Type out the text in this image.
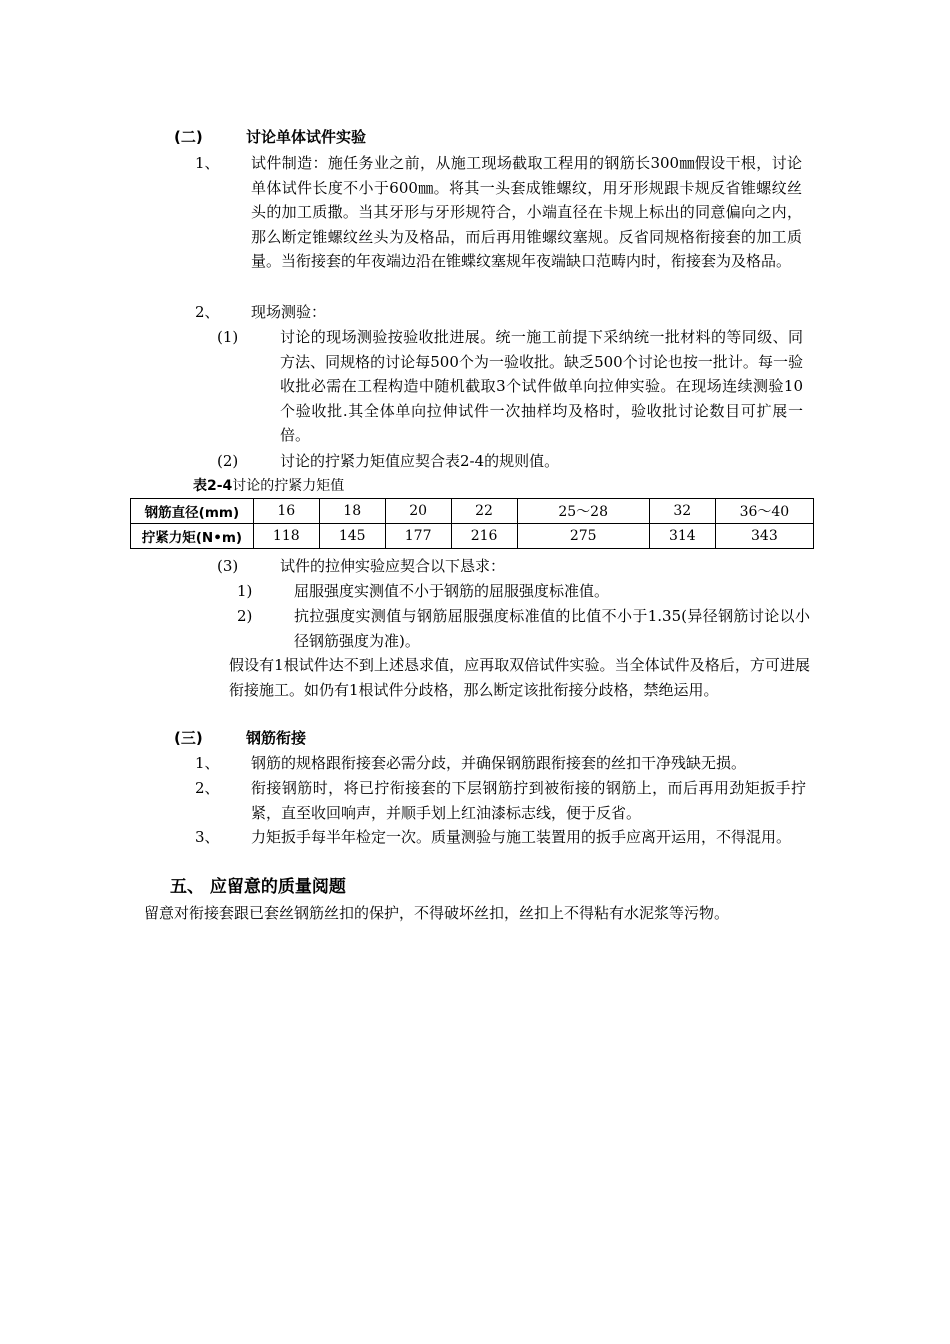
(二)	讨论单体试件实验
1、 试件制造：施任务业之前，从施工现场截取工程用的钢筋长300㎜假设干根，讨论单体试件长度不小于600㎜。将其一头套成锥螺纹，用牙形规跟卡规反省锥螺纹丝头的加工质撒。当其牙形与牙形规符合，小端直径在卡规上标出的同意偏向之内，那么断定锥螺纹丝头为及格品，而后再用锥螺纹塞规。反省同规格衔接套的加工质量。当衔接套的年夜端边沿在锥蝶纹塞规年夜端缺口范畴内时，衔接套为及格品。
2、 现场测验：
(1)	讨论的现场测验按验收批进展。统一施工前提下采纳统一批材料的等同级、同方法、同规格的讨论每500个为一验收批。缺乏500个讨论也按一批计。每一验收批必需在工程构造中随机截取3个试件做单向拉伸实验。在现场连续测验10个验收批.其全体单向拉伸试件一次抽样均及格时，验收批讨论数目可扩展一倍。
(2)	讨论的拧紧力矩值应契合表2-4的规则值。
表2-4讨论的拧紧力矩值
钢筋直径(mm)	16	18	20	22	25～28	32	36～40
拧紧力矩(N•m)	118	145	177	216	275	314	343
(3)	试件的拉伸实验应契合以下恳求：
1)	屈服强度实测值不小于钢筋的屈服强度标准值。
2)	抗拉强度实测值与钢筋屈服强度标准值的比值不小于1.35(异径钢筋讨论以小径钢筋强度为准)。
假设有1根试件达不到上述恳求值，应再取双倍试件实验。当全体试件及格后，方可进展衔接施工。如仍有1根试件分歧格，那么断定该批衔接分歧格，禁绝运用。
(三)	钢筋衔接
1、 钢筋的规格跟衔接套必需分歧，并确保钢筋跟衔接套的丝扣干净残缺无损。
2、 衔接钢筋时，将已拧衔接套的下层钢筋拧到被衔接的钢筋上，而后再用劲矩扳手拧紧，直至收回响声，并顺手划上红油漆标志线，便于反省。
3、 力矩扳手每半年检定一次。质量测验与施工装置用的扳手应离开运用，不得混用。
五、 应留意的质量阅题
留意对衔接套跟已套丝钢筋丝扣的保护，不得破坏丝扣，丝扣上不得粘有水泥浆等污物。
